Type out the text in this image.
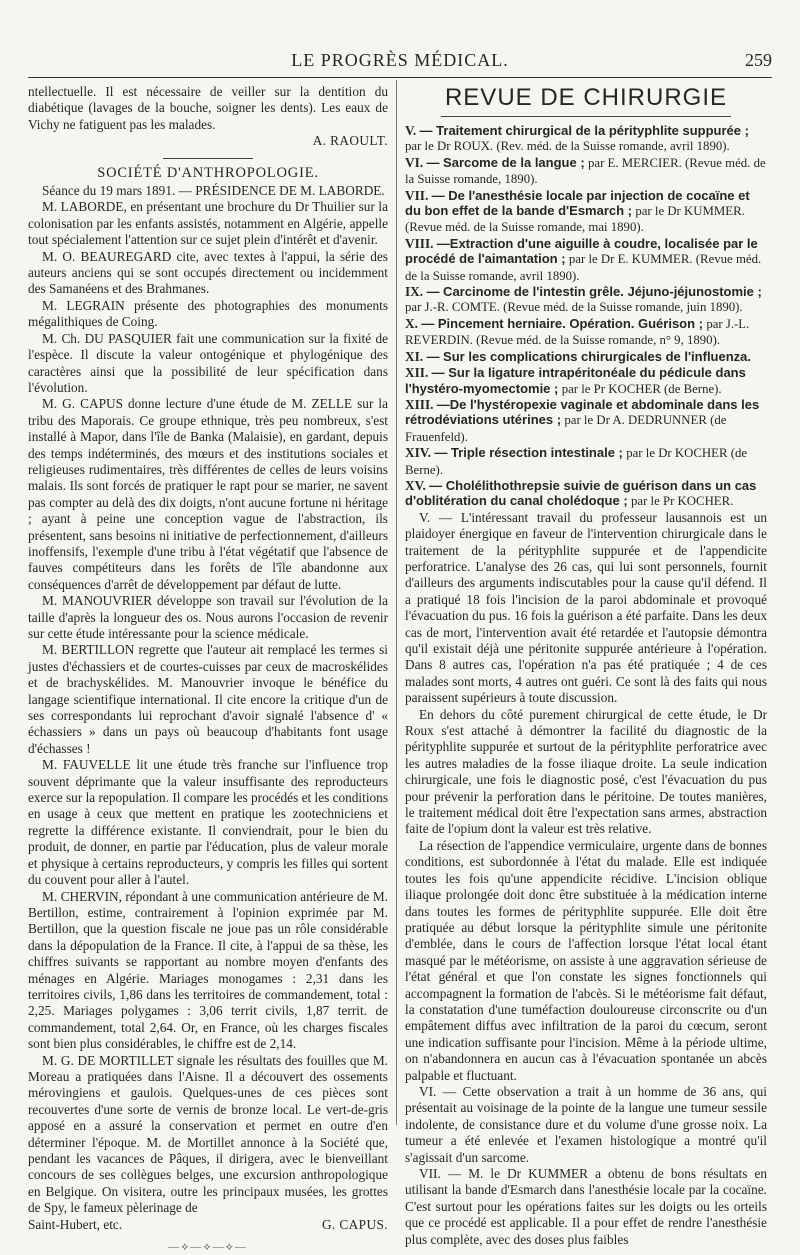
LE PROGRÈS MÉDICAL.	259

ntellectuelle. Il est nécessaire de veiller sur la dentition du diabétique (lavages de la bouche, soigner les dents). Les eaux de Vichy ne fatiguent pas les malades.

A. RAOULT.

SOCIÉTÉ D'ANTHROPOLOGIE.

Séance du 19 mars 1891. — PRÉSIDENCE DE M. LABORDE.

M. LABORDE, en présentant une brochure du Dr Thuilier sur la colonisation par les enfants assistés, notamment en Algérie, appelle tout spécialement l'attention sur ce sujet plein d'intérêt et d'avenir.

M. O. BEAUREGARD cite, avec textes à l'appui, la série des auteurs anciens qui se sont occupés directement ou incidemment des Samanéens et des Brahmanes.

M. LEGRAIN présente des photographies des monuments mégalithiques de Coing.

M. Ch. DU PASQUIER fait une communication sur la fixité de l'espèce. Il discute la valeur ontogénique et phylogénique des caractères ainsi que la possibilité de leur spécification dans l'évolution.

M. G. CAPUS donne lecture d'une étude de M. ZELLE sur la tribu des Maporais. Ce groupe ethnique, très peu nombreux, s'est installé à Mapor, dans l'île de Banka (Malaisie), en gardant, depuis des temps indéterminés, des mœurs et des institutions sociales et religieuses rudimentaires, très différentes de celles de leurs voisins malais. Ils sont forcés de pratiquer le rapt pour se marier, ne savent pas compter au delà des dix doigts, n'ont aucune fortune ni héritage ; ayant à peine une conception vague de l'abstraction, ils présentent, sans besoins ni initiative de perfectionnement, d'ailleurs inoffensifs, l'exemple d'une tribu à l'état végétatif que l'absence de fauves compétiteurs dans les forêts de l'île abandonne aux conséquences d'arrêt de développement par défaut de lutte.

M. MANOUVRIER développe son travail sur l'évolution de la taille d'après la longueur des os. Nous aurons l'occasion de revenir sur cette étude intéressante pour la science médicale.

M. BERTILLON regrette que l'auteur ait remplacé les termes si justes d'échassiers et de courtes-cuisses par ceux de macroskélides et de brachyskélides. M. Manouvrier invoque le bénéfice du langage scientifique international. Il cite encore la critique d'un de ses correspondants lui reprochant d'avoir signalé l'absence d' « échassiers » dans un pays où beaucoup d'habitants font usage d'échasses !

M. FAUVELLE lit une étude très franche sur l'influence trop souvent déprimante que la valeur insuffisante des reproducteurs exerce sur la repopulation. Il compare les procédés et les conditions en usage à ceux que mettent en pratique les zootechniciens et regrette la différence existante. Il conviendrait, pour le bien du produit, de donner, en partie par l'éducation, plus de valeur morale et physique à certains reproducteurs, y compris les filles qui sortent du couvent pour aller à l'autel.

M. CHERVIN, répondant à une communication antérieure de M. Bertillon, estime, contrairement à l'opinion exprimée par M. Bertillon, que la question fiscale ne joue pas un rôle considérable dans la dépopulation de la France. Il cite, à l'appui de sa thèse, les chiffres suivants se rapportant au nombre moyen d'enfants des ménages en Algérie. Mariages monogames : 2,31 dans les territoires civils, 1,86 dans les territoires de commandement, total : 2,25. Mariages polygames : 3,06 territ civils, 1,87 territ. de commandement, total 2,64. Or, en France, où les charges fiscales sont bien plus considérables, le chiffre est de 2,14.

M. G. DE MORTILLET signale les résultats des fouilles que M. Moreau a pratiquées dans l'Aisne. Il a découvert des ossements mérovingiens et gaulois. Quelques-unes de ces pièces sont recouvertes d'une sorte de vernis de bronze local. Le vert-de-gris apposé en a assuré la conservation et permet en outre d'en déterminer l'époque. M. de Mortillet annonce à la Société que, pendant les vacances de Pâques, il dirigera, avec le bienveillant concours de ses collègues belges, une excursion anthropologique en Belgique. On visitera, outre les principaux musées, les grottes de Spy, le fameux pèlerinage de

Saint-Hubert, etc.	G. CAPUS.
—⟡—⟡—⟡—
REVUE DE CHIRURGIE

V. — Traitement chirurgical de la pérityphlite suppurée ; par le Dr ROUX. (Rev. méd. de la Suisse romande, avril 1890).

VI. — Sarcome de la langue ; par E. MERCIER. (Revue méd. de la Suisse romande, 1890).

VII. — De l'anesthésie locale par injection de cocaïne et du bon effet de la bande d'Esmarch ; par le Dr KUMMER. (Revue méd. de la Suisse romande, mai 1890).

VIII. —Extraction d'une aiguille à coudre, localisée par le procédé de l'aimantation ; par le Dr E. KUMMER. (Revue méd. de la Suisse romande, avril 1890).

IX. — Carcinome de l'intestin grêle. Jéjuno-jéjunostomie ; par J.-R. COMTE. (Revue méd. de la Suisse romande, juin 1890).

X. — Pincement herniaire. Opération. Guérison ; par J.-L. REVERDIN. (Revue méd. de la Suisse romande, n° 9, 1890).

XI. — Sur les complications chirurgicales de l'influenza.

XII. — Sur la ligature intrapéritonéale du pédicule dans l'hystéro-myomectomie ; par le Pr KOCHER (de Berne).

XIII. —De l'hystéropexie vaginale et abdominale dans les rétrodéviations utérines ; par le Dr A. DEDRUNNER (de Frauenfeld).

XIV. — Triple résection intestinale ; par le Dr KOCHER (de Berne).

XV. — Cholélithothrepsie suivie de guérison dans un cas d'oblitération du canal cholédoque ; par le Pr KOCHER.

V. — L'intéressant travail du professeur lausannois est un plaidoyer énergique en faveur de l'intervention chirurgicale dans le traitement de la pérityphlite suppurée et de l'appendicite perforatrice. L'analyse des 26 cas, qui lui sont personnels, fournit d'ailleurs des arguments indiscutables pour la cause qu'il défend. Il a pratiqué 18 fois l'incision de la paroi abdominale et provoqué l'évacuation du pus. 16 fois la guérison a été parfaite. Dans les deux cas de mort, l'intervention avait été retardée et l'autopsie démontra qu'il existait déjà une péritonite suppurée antérieure à l'opération. Dans 8 autres cas, l'opération n'a pas été pratiquée ; 4 de ces malades sont morts, 4 autres ont guéri. Ce sont là des faits qui nous paraissent supérieurs à toute discussion.

En dehors du côté purement chirurgical de cette étude, le Dr Roux s'est attaché à démontrer la facilité du diagnostic de la pérityphlite suppurée et surtout de la pérityphlite perforatrice avec les autres maladies de la fosse iliaque droite. La seule indication chirurgicale, une fois le diagnostic posé, c'est l'évacuation du pus pour prévenir la perforation dans le péritoine. De toutes manières, le traitement médical doit être l'expectation sans armes, abstraction faite de l'opium dont la valeur est très relative.

La résection de l'appendice vermiculaire, urgente dans de bonnes conditions, est subordonnée à l'état du malade. Elle est indiquée toutes les fois qu'une appendicite récidive. L'incision oblique iliaque prolongée doit donc être substituée à la médication interne dans toutes les formes de pérityphlite suppurée. Elle doit être pratiquée au début lorsque la pérityphlite simule une péritonite d'emblée, dans le cours de l'affection lorsque l'état local étant masqué par le météorisme, on assiste à une aggravation sérieuse de l'état général et que l'on constate les signes fonctionnels qui accompagnent la formation de l'abcès. Si le météorisme fait défaut, la constatation d'une tuméfaction douloureuse circonscrite ou d'un empâtement diffus avec infiltration de la paroi du cœcum, seront une indication suffisante pour l'incision. Même à la période ultime, on n'abandonnera en aucun cas à l'évacuation spontanée un abcès palpable et fluctuant.

VI. — Cette observation a trait à un homme de 36 ans, qui présentait au voisinage de la pointe de la langue une tumeur sessile indolente, de consistance dure et du volume d'une grosse noix. La tumeur a été enlevée et l'examen histologique a montré qu'il s'agissait d'un sarcome.

VII. — M. le Dr KUMMER a obtenu de bons résultats en utilisant la bande d'Esmarch dans l'anesthésie locale par la cocaïne. C'est surtout pour les opérations faites sur les doigts ou les orteils que ce procédé est applicable. Il a pour effet de rendre l'anesthésie plus complète, avec des doses plus faibles
